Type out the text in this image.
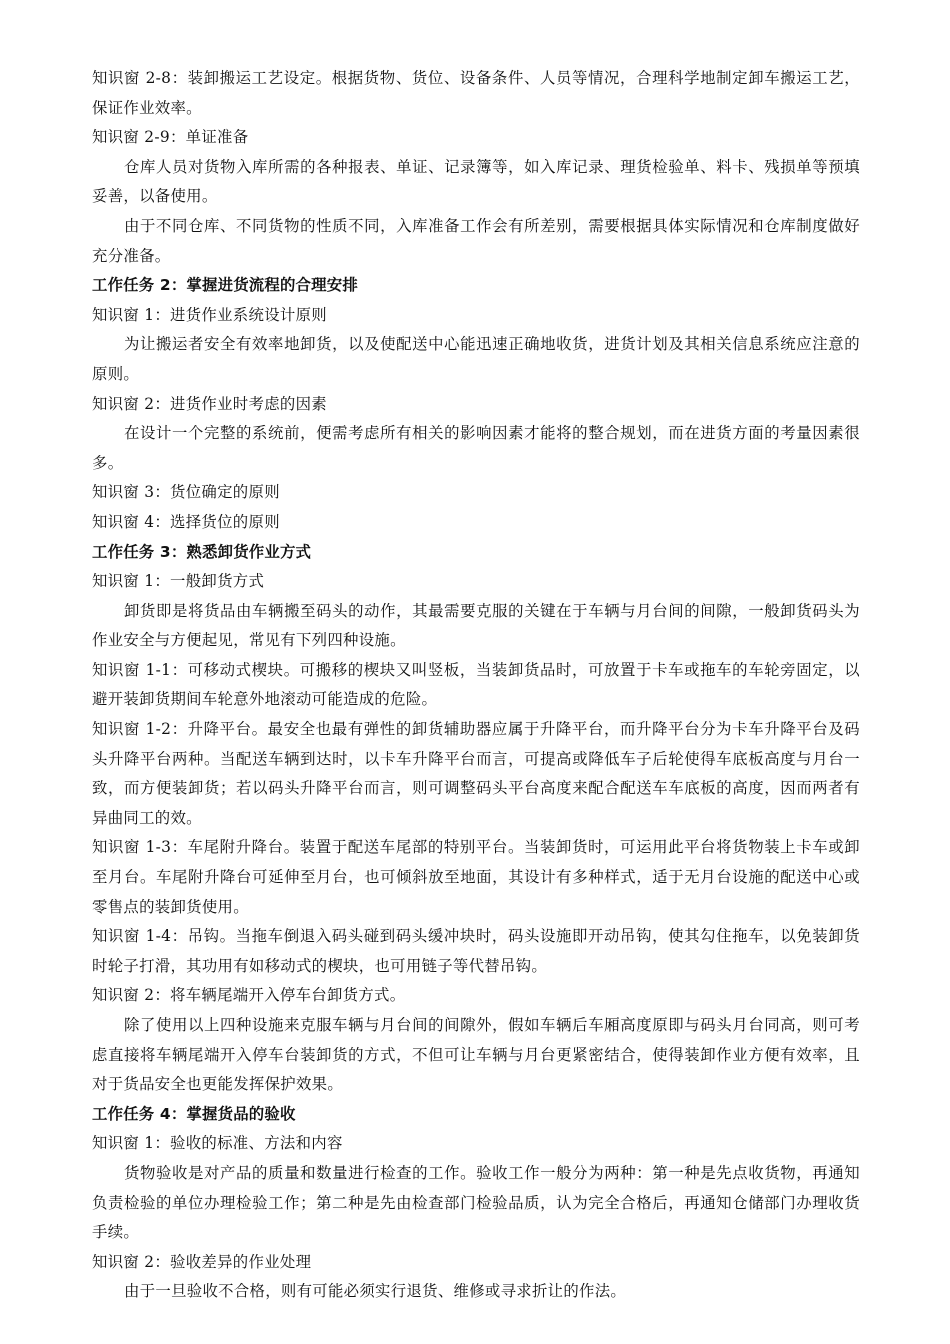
知识窗 2-8：装卸搬运工艺设定。根据货物、货位、设备条件、人员等情况，合理科学地制定卸车搬运工艺，保证作业效率。
知识窗 2-9：单证准备
仓库人员对货物入库所需的各种报表、单证、记录簿等，如入库记录、理货检验单、料卡、残损单等预填妥善，以备使用。
由于不同仓库、不同货物的性质不同，入库准备工作会有所差别，需要根据具体实际情况和仓库制度做好充分准备。
工作任务 2：掌握进货流程的合理安排
知识窗 1：进货作业系统设计原则
为让搬运者安全有效率地卸货，以及使配送中心能迅速正确地收货，进货计划及其相关信息系统应注意的原则。
知识窗 2：进货作业时考虑的因素
在设计一个完整的系统前，便需考虑所有相关的影响因素才能将的整合规划，而在进货方面的考量因素很多。
知识窗 3：货位确定的原则
知识窗 4：选择货位的原则
工作任务 3：熟悉卸货作业方式
知识窗 1：一般卸货方式
卸货即是将货品由车辆搬至码头的动作，其最需要克服的关键在于车辆与月台间的间隙，一般卸货码头为作业安全与方便起见，常见有下列四种设施。
知识窗 1-1：可移动式楔块。可搬移的楔块又叫竖板，当装卸货品时，可放置于卡车或拖车的车轮旁固定，以避开装卸货期间车轮意外地滚动可能造成的危险。
知识窗 1-2：升降平台。最安全也最有弹性的卸货辅助器应属于升降平台，而升降平台分为卡车升降平台及码头升降平台两种。当配送车辆到达时，以卡车升降平台而言，可提高或降低车子后轮使得车底板高度与月台一致，而方便装卸货；若以码头升降平台而言，则可调整码头平台高度来配合配送车车底板的高度，因而两者有异曲同工的效。
知识窗 1-3：车尾附升降台。装置于配送车尾部的特别平台。当装卸货时，可运用此平台将货物装上卡车或卸至月台。车尾附升降台可延伸至月台，也可倾斜放至地面，其设计有多种样式，适于无月台设施的配送中心或零售点的装卸货使用。
知识窗 1-4：吊钩。当拖车倒退入码头碰到码头缓冲块时，码头设施即开动吊钩，使其勾住拖车，以免装卸货时轮子打滑，其功用有如移动式的楔块，也可用链子等代替吊钩。
知识窗 2：将车辆尾端开入停车台卸货方式。
除了使用以上四种设施来克服车辆与月台间的间隙外，假如车辆后车厢高度原即与码头月台同高，则可考虑直接将车辆尾端开入停车台装卸货的方式，不但可让车辆与月台更紧密结合，使得装卸作业方便有效率，且对于货品安全也更能发挥保护效果。
工作任务 4：掌握货品的验收
知识窗 1：验收的标准、方法和内容
货物验收是对产品的质量和数量进行检查的工作。验收工作一般分为两种：第一种是先点收货物，再通知负责检验的单位办理检验工作；第二种是先由检查部门检验品质，认为完全合格后，再通知仓储部门办理收货手续。
知识窗 2：验收差异的作业处理
由于一旦验收不合格，则有可能必须实行退货、维修或寻求折让的作法。
